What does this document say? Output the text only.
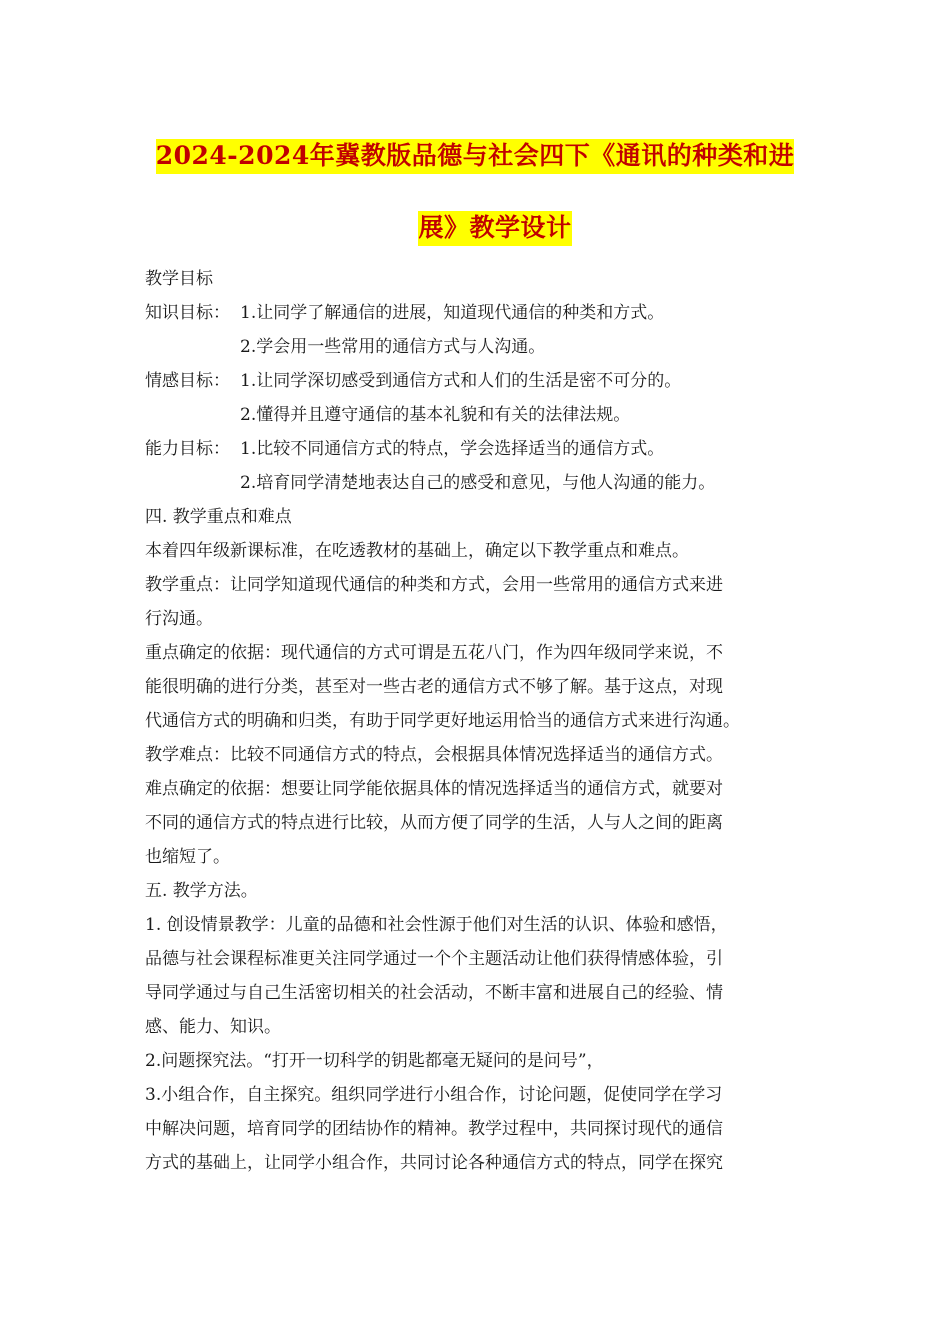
2024-2024年冀教版品德与社会四下《通讯的种类和进
展》教学设计
教学目标
知识目标： 1.让同学了解通信的进展，知道现代通信的种类和方式。
2.学会用一些常用的通信方式与人沟通。
情感目标： 1.让同学深切感受到通信方式和人们的生活是密不可分的。
2.懂得并且遵守通信的基本礼貌和有关的法律法规。
能力目标： 1.比较不同通信方式的特点，学会选择适当的通信方式。
2.培育同学清楚地表达自己的感受和意见，与他人沟通的能力。
四. 教学重点和难点
本着四年级新课标准，在吃透教材的基础上，确定以下教学重点和难点。
教学重点：让同学知道现代通信的种类和方式，会用一些常用的通信方式来进
行沟通。
重点确定的依据：现代通信的方式可谓是五花八门，作为四年级同学来说，不
能很明确的进行分类，甚至对一些古老的通信方式不够了解。基于这点，对现
代通信方式的明确和归类，有助于同学更好地运用恰当的通信方式来进行沟通。
教学难点：比较不同通信方式的特点，会根据具体情况选择适当的通信方式。
难点确定的依据：想要让同学能依据具体的情况选择适当的通信方式，就要对
不同的通信方式的特点进行比较，从而方便了同学的生活，人与人之间的距离
也缩短了。
五. 教学方法。
1. 创设情景教学：儿童的品德和社会性源于他们对生活的认识、体验和感悟，
品德与社会课程标准更关注同学通过一个个主题活动让他们获得情感体验，引
导同学通过与自己生活密切相关的社会活动，不断丰富和进展自己的经验、情
感、能力、知识。
2.问题探究法。“打开一切科学的钥匙都毫无疑问的是问号”，
3.小组合作，自主探究。组织同学进行小组合作，讨论问题，促使同学在学习
中解决问题，培育同学的团结协作的精神。教学过程中，共同探讨现代的通信
方式的基础上，让同学小组合作，共同讨论各种通信方式的特点，同学在探究
